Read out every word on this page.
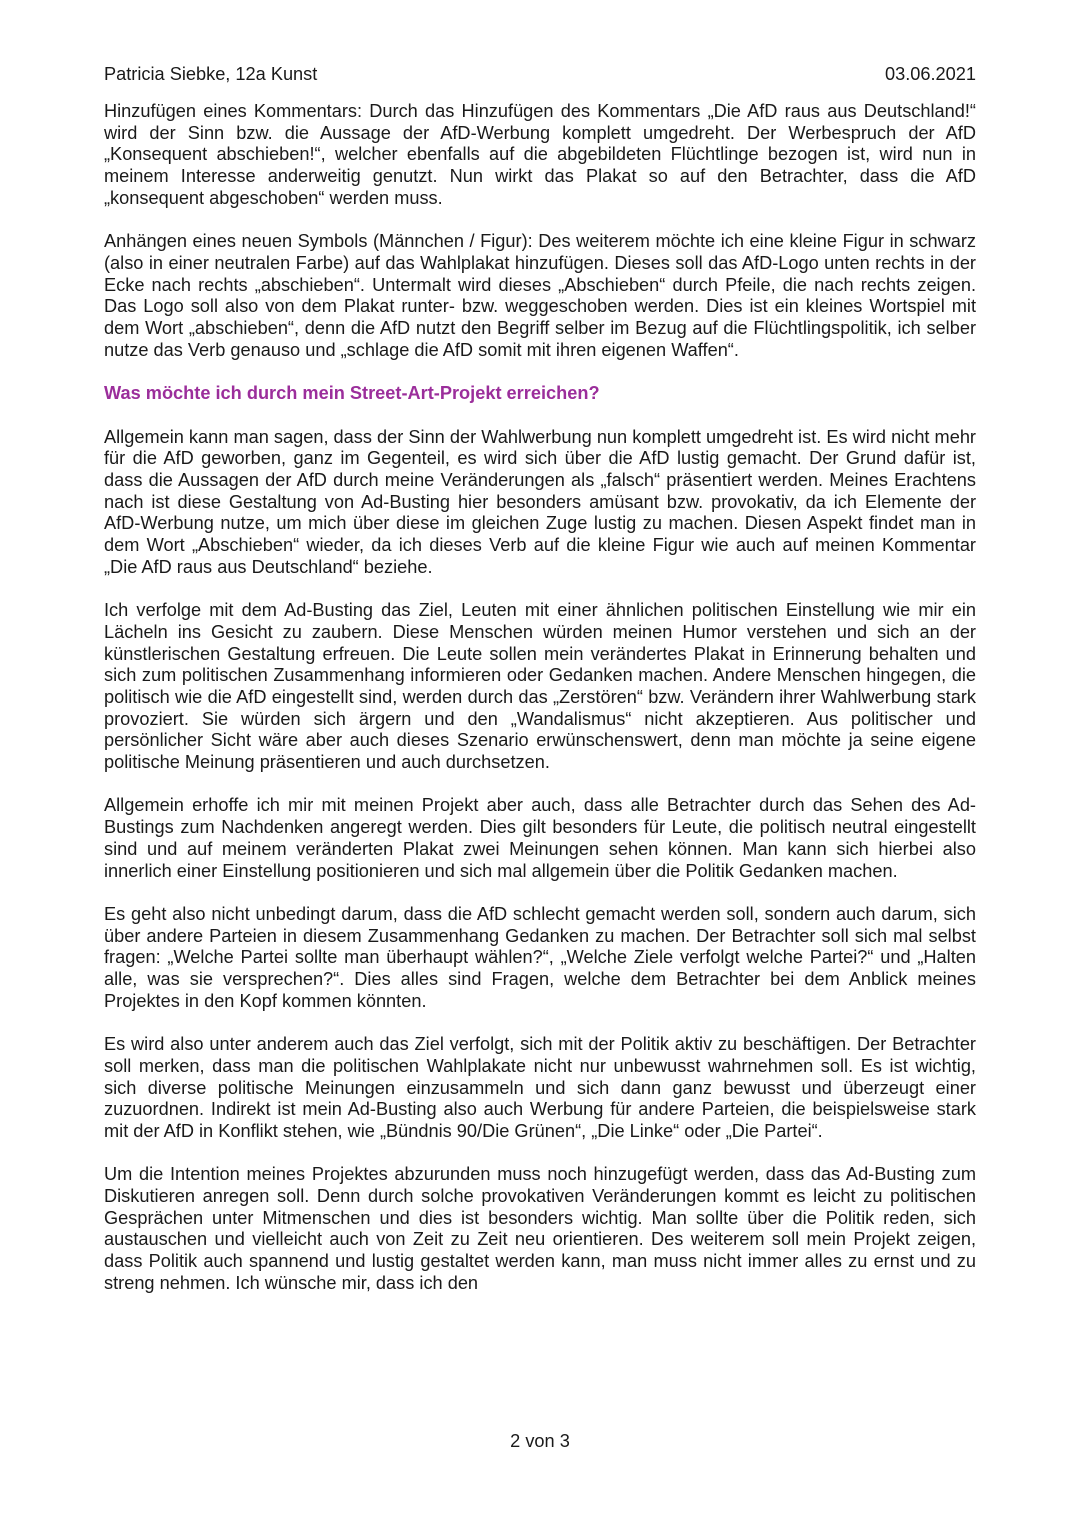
Patricia Siebke, 12a Kunst	03.06.2021

Hinzufügen eines Kommentars: Durch das Hinzufügen des Kommentars „Die AfD raus aus Deutschland!“ wird der Sinn bzw. die Aussage der AfD-Werbung komplett umgedreht. Der Werbespruch der AfD „Konsequent abschieben!“, welcher ebenfalls auf die abgebildeten Flüchtlinge bezogen ist, wird nun in meinem Interesse anderweitig genutzt. Nun wirkt das Plakat so auf den Betrachter, dass die AfD „konsequent abgeschoben“ werden muss.

Anhängen eines neuen Symbols (Männchen / Figur): Des weiterem möchte ich eine kleine Figur in schwarz (also in einer neutralen Farbe) auf das Wahlplakat hinzufügen. Dieses soll das AfD-Logo unten rechts in der Ecke nach rechts „abschieben“. Untermalt wird dieses „Abschieben“ durch Pfeile, die nach rechts zeigen. Das Logo soll also von dem Plakat runter- bzw. weggeschoben werden. Dies ist ein kleines Wortspiel mit dem Wort „abschieben“, denn die AfD nutzt den Begriff selber im Bezug auf die Flüchtlingspolitik, ich selber nutze das Verb genauso und „schlage die AfD somit mit ihren eigenen Waffen“.

Was möchte ich durch mein Street-Art-Projekt erreichen?

Allgemein kann man sagen, dass der Sinn der Wahlwerbung nun komplett umgedreht ist. Es wird nicht mehr für die AfD geworben, ganz im Gegenteil, es wird sich über die AfD lustig gemacht. Der Grund dafür ist, dass die Aussagen der AfD durch meine Veränderungen als „falsch“ präsentiert werden. Meines Erachtens nach ist diese Gestaltung von Ad-Busting hier besonders amüsant bzw. provokativ, da ich Elemente der AfD-Werbung nutze, um mich über diese im gleichen Zuge lustig zu machen. Diesen Aspekt findet man in dem Wort „Abschieben“ wieder, da ich dieses Verb auf die kleine Figur wie auch auf meinen Kommentar „Die AfD raus aus Deutschland“ beziehe.

Ich verfolge mit dem Ad-Busting das Ziel, Leuten mit einer ähnlichen politischen Einstellung wie mir ein Lächeln ins Gesicht zu zaubern. Diese Menschen würden meinen Humor verstehen und sich an der künstlerischen Gestaltung erfreuen. Die Leute sollen mein verändertes Plakat in Erinnerung behalten und sich zum politischen Zusammenhang informieren oder Gedanken machen. Andere Menschen hingegen, die politisch wie die AfD eingestellt sind, werden durch das „Zerstören“ bzw. Verändern ihrer Wahlwerbung stark provoziert. Sie würden sich ärgern und den „Wandalismus“ nicht akzeptieren. Aus politischer und persönlicher Sicht wäre aber auch dieses Szenario erwünschenswert, denn man möchte ja seine eigene politische Meinung präsentieren und auch durchsetzen.

Allgemein erhoffe ich mir mit meinen Projekt aber auch, dass alle Betrachter durch das Sehen des Ad-Bustings zum Nachdenken angeregt werden. Dies gilt besonders für Leute, die politisch neutral eingestellt sind und auf meinem veränderten Plakat zwei Meinungen sehen können. Man kann sich hierbei also innerlich einer Einstellung positionieren und sich mal allgemein über die Politik Gedanken machen.

Es geht also nicht unbedingt darum, dass die AfD schlecht gemacht werden soll, sondern auch darum, sich über andere Parteien in diesem Zusammenhang Gedanken zu machen. Der Betrachter soll sich mal selbst fragen: „Welche Partei sollte man überhaupt wählen?“, „Welche Ziele verfolgt welche Partei?“ und „Halten alle, was sie versprechen?“. Dies alles sind Fragen, welche dem Betrachter bei dem Anblick meines Projektes in den Kopf kommen könnten.

Es wird also unter anderem auch das Ziel verfolgt, sich mit der Politik aktiv zu beschäftigen. Der Betrachter soll merken, dass man die politischen Wahlplakate nicht nur unbewusst wahrnehmen soll. Es ist wichtig, sich diverse politische Meinungen einzusammeln und sich dann ganz bewusst und überzeugt einer zuzuordnen. Indirekt ist mein Ad-Busting also auch Werbung für andere Parteien, die beispielsweise stark mit der AfD in Konflikt stehen, wie „Bündnis 90/Die Grünen“, „Die Linke“ oder „Die Partei“.

Um die Intention meines Projektes abzurunden muss noch hinzugefügt werden, dass das Ad-Busting zum Diskutieren anregen soll. Denn durch solche provokativen Veränderungen kommt es leicht zu politischen Gesprächen unter Mitmenschen und dies ist besonders wichtig. Man sollte über die Politik reden, sich austauschen und vielleicht auch von Zeit zu Zeit neu orientieren. Des weiterem soll mein Projekt zeigen, dass Politik auch spannend und lustig gestaltet werden kann, man muss nicht immer alles zu ernst und zu streng nehmen. Ich wünsche mir, dass ich den

2 von 3
